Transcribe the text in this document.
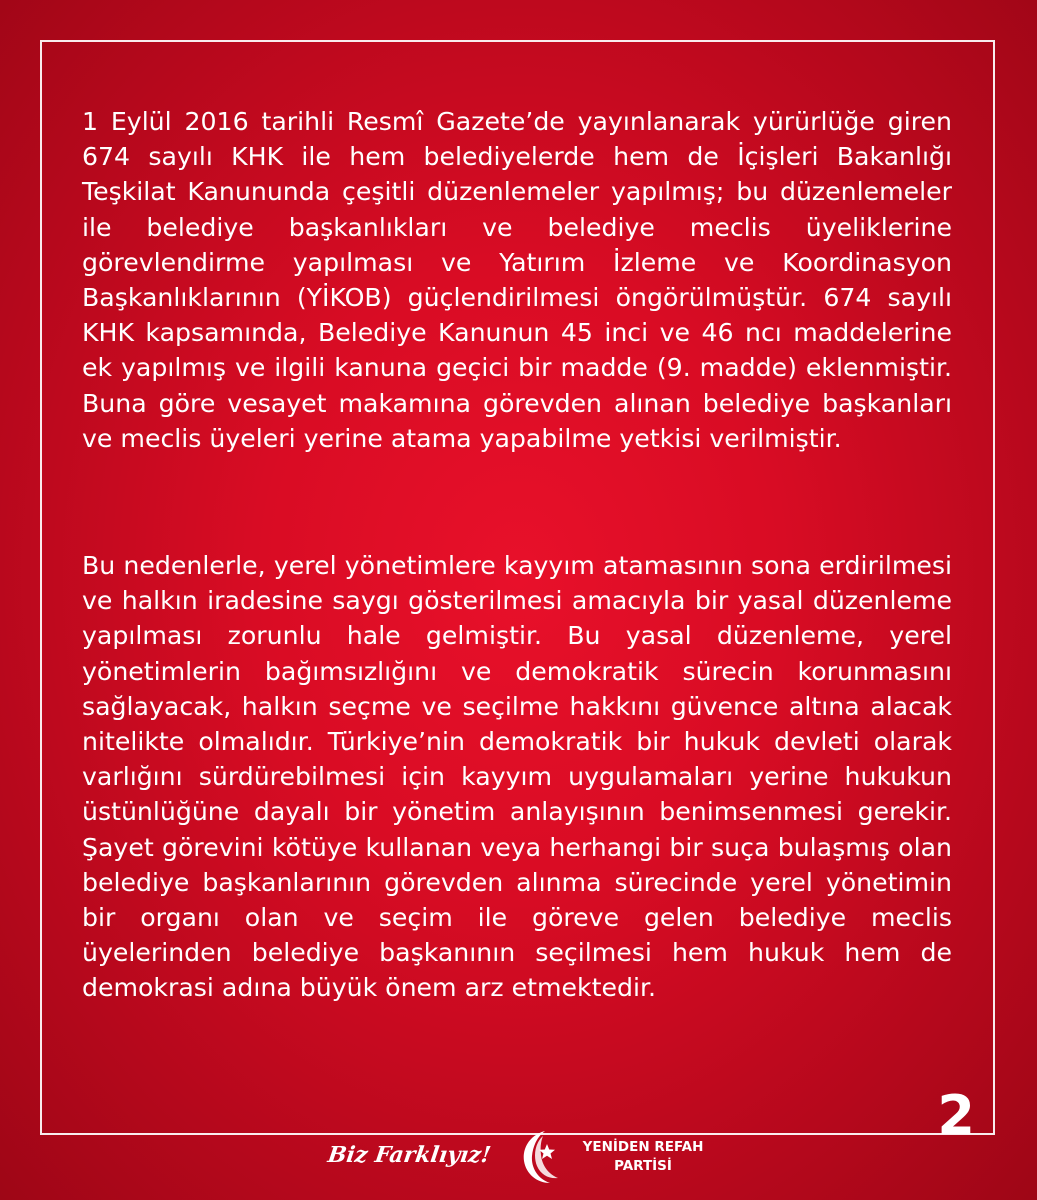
1 Eylül 2016 tarihli Resmî Gazete’de yayınlanarak yürürlüğe giren 674 sayılı KHK ile hem belediyelerde hem de İçişleri Bakanlığı Teşkilat Kanununda çeşitli düzenlemeler yapılmış; bu düzenlemeler ile belediye başkanlıkları ve belediye meclis üyeliklerine görevlendirme yapılması ve Yatırım İzleme ve Koordinasyon Başkanlıklarının (YİKOB) güçlendirilmesi öngörülmüştür. 674 sayılı KHK kapsamında, Belediye Kanunun 45 inci ve 46 ncı maddelerine ek yapılmış ve ilgili kanuna geçici bir madde (9. madde) eklenmiştir. Buna göre vesayet makamına görevden alınan belediye başkanları ve meclis üyeleri yerine atama yapabilme yetkisi verilmiştir.

Bu nedenlerle, yerel yönetimlere kayyım atamasının sona erdirilmesi ve halkın iradesine saygı gösterilmesi amacıyla bir yasal düzenleme yapılması zorunlu hale gelmiştir. Bu yasal düzenleme, yerel yönetimlerin bağımsızlığını ve demokratik sürecin korunmasını sağlayacak, halkın seçme ve seçilme hakkını güvence altına alacak nitelikte olmalıdır. Türkiye’nin demokratik bir hukuk devleti olarak varlığını sürdürebilmesi için kayyım uygulamaları yerine hukukun üstünlüğüne dayalı bir yönetim anlayışının benimsenmesi gerekir. Şayet görevini kötüye kullanan veya herhangi bir suça bulaşmış olan belediye başkanlarının görevden alınma sürecinde yerel yönetimin bir organı olan ve seçim ile göreve gelen belediye meclis üyelerinden belediye başkanının seçilmesi hem hukuk hem de demokrasi adına büyük önem arz etmektedir.

2
Biz Farklıyız!	YENİDEN REFAH
PARTİSİ
